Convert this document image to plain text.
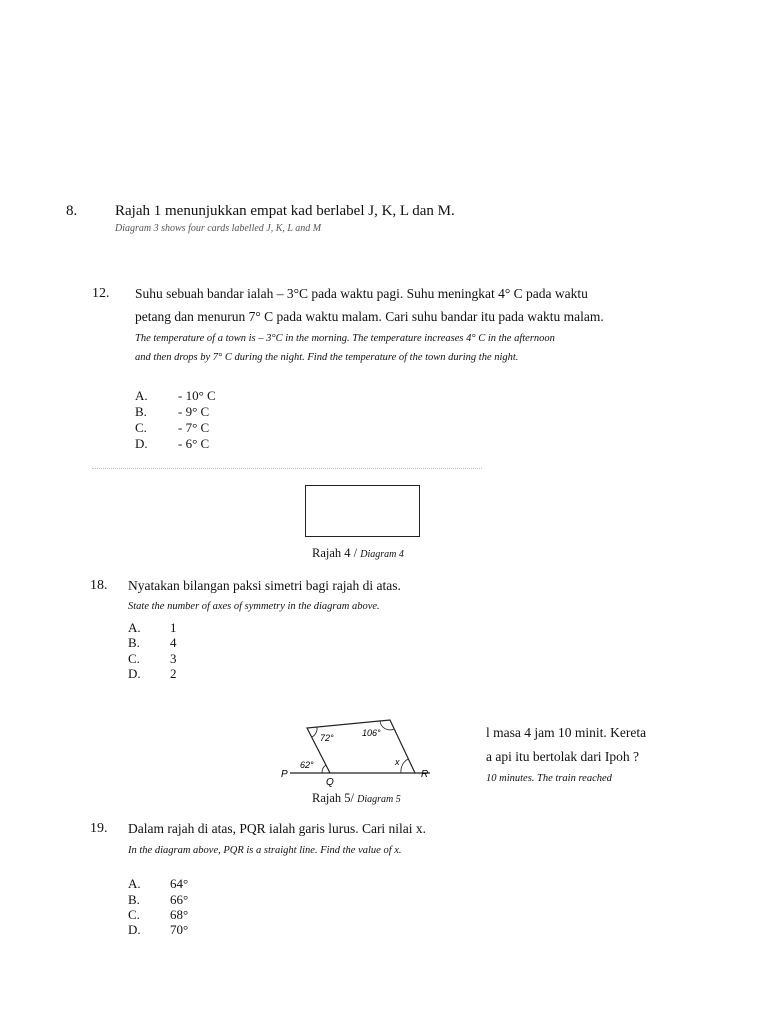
8.	Rajah 1 menunjukkan empat kad berlabel J, K, L dan M.
Diagram 3 shows four cards labelled J, K, L and M
12. Suhu sebuah bandar ialah – 3°C pada waktu pagi. Suhu meningkat 4° C pada waktu
petang dan menurun 7° C pada waktu malam. Cari suhu bandar itu pada waktu malam.
The temperature of a town is – 3°C in the morning. The temperature increases 4° C in the afternoon
and then drops by 7° C during the night. Find the temperature of the town during the night.
A. - 10° C
B. - 9° C
C. - 7° C
D. - 6° C
Rajah 4 / Diagram 4
18. Nyatakan bilangan paksi simetri bagi rajah di atas.
State the number of axes of symmetry in the diagram above.
A. 1
B. 4
C. 3
D. 2
72°	106°
62°	x
P
Q
R
Rajah 5/ Diagram 5
l masa 4 jam 10 minit. Kereta
a api itu bertolak dari Ipoh ?
10 minutes. The train reached
19. Dalam rajah di atas, PQR ialah garis lurus. Cari nilai x.
In the diagram above, PQR is a straight line. Find the value of x.
A. 64°
B. 66°
C. 68°
D. 70°
